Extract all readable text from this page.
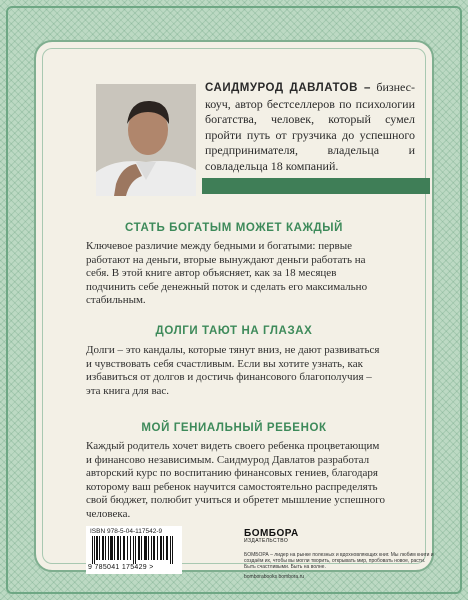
САИДМУРОД ДАВЛАТОВ – бизнес-коуч, автор бестселлеров по психологии богатства, человек, который сумел пройти путь от грузчика до успешного предпринимателя, владельца и совладельца 18 компаний.
СТАТЬ БОГАТЫМ МОЖЕТ КАЖДЫЙ
Ключевое различие между бедными и богатыми: первые работают на деньги, вторые вынуждают деньги работать на себя. В этой книге автор объясняет, как за 18 месяцев подчинить себе денежный поток и сделать его максимально стабильным.
ДОЛГИ ТАЮТ НА ГЛАЗАХ
Долги – это кандалы, которые тянут вниз, не дают развиваться и чувствовать себя счастливым. Если вы хотите узнать, как избавиться от долгов и достичь финансового благополучия – эта книга для вас.
МОЙ ГЕНИАЛЬНЫЙ РЕБЕНОК
Каждый родитель хочет видеть своего ребенка процветающим и финансово независимым. Саидмурод Давлатов разработал авторский курс по воспитанию финансовых гениев, благодаря которому ваш ребенок научится самостоятельно распределять свой бюджет, полюбит учиться и обретет мышление успешного человека.
ISBN 978-5-04-117542-9
9 785041 175429 >
БОМБОРА
ИЗДАТЕЛЬСТВО
БОМБОРА – лидер на рынке полезных и вдохновляющих книг. Мы любим книги и создаём их, чтобы вы могли творить, открывать мир, пробовать новое, расти. Быть счастливыми. Быть на волне.
bomborabooks bombora.ru
